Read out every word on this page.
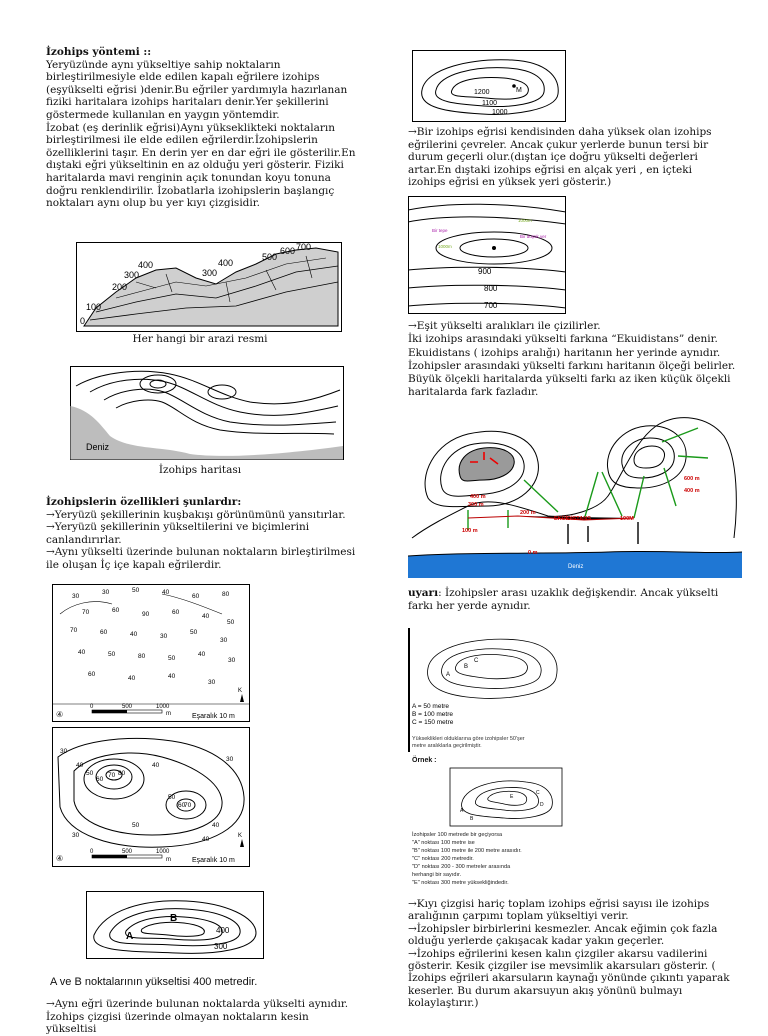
İzohips yöntemi ::

Yeryüzünde aynı yükseltiye sahip noktaların birleştirilmesiyle elde edilen kapalı eğrilere izohips (eşyükselti eğrisi )denir.Bu eğriler yardımıyla hazırlanan fiziki haritalara izohips haritaları denir.Yer şekillerini göstermede kullanılan en yaygın yöntemdir.

İzobat (eş derinlik eğrisi)Aynı yükseklikteki noktaların birleştirilmesi ile elde edilen eğrilerdir.İzohipslerin özelliklerini taşır. En derin yer en dar eğri ile gösterilir.En dıştaki eğri yükseltinin en az olduğu yeri gösterir. Fiziki haritalarda mavi renginin açık tonundan koyu tonuna doğru renklendirilir. İzobatlarla izohipslerin başlangıç noktaları aynı olup bu yer kıyı çizgisidir.

700
600
500
400
300
400
300
200
100
0
Her hangi bir arazi resmi
Deniz
İzohips haritası

İzohipslerin özellikleri şunlardır:

→Yeryüzü şekillerinin kuşbakışı görünümünü yansıtırlar.

→Yeryüzü şekillerinin yükseltilerini ve biçimlerini canlandırırlar.

→Aynı yükselti üzerinde bulunan noktaların birleştirilmesi ile oluşan İç içe kapalı eğrilerdir.

30
30	50	40
60	80
70	60
90	60
40
50
70	60	40	30
50
30
40	50	80	50
40
30
60
40	40
30
④
0	500	1000
m	Eşaralık 10 m
K
30
40
50
60
70 80
40
50
60
70
30
40
50
30
40
④
0	500	1000
m	Eşaralık 10 m
K
B
A
400
300
A ve B noktalarının yükseltisi 400 metredir.

→Aynı eğri üzerinde bulunan noktalarda yükselti aynıdır.

İzohips çizgisi üzerinde olmayan noktaların kesin yükseltisi

1200
1100
1000
M

→Bir izohips eğrisi kendisinden daha yüksek olan izohips eğrilerini çevreler. Ancak çukur yerlerde bunun tersi bir durum geçerli olur.(dıştan içe doğru yükselti değerleri artar.En dıştaki izohips eğrisi en alçak yeri , en içteki izohips eğrisi en yüksek yeri gösterir.)

1000m
Bir düşük yer
Bir tepe
1000m
900
800
700

→Eşit yükselti aralıkları ile çizilirler.

İki izohips arasındaki yükselti farkına “Ekuidistans” denir. Ekuidistans ( izohips aralığı) haritanın her yerinde aynıdır. İzohipsler arasındaki yükselti farkını haritanın ölçeği belirler. Büyük ölçekli haritalarda yükselti farkı az iken küçük ölçekli haritalarda fark fazladır.

400 m
300 m
200 m
100 m
600 m
400 m
EKÜİDİSTANS	100M
0 m
Deniz

uyarı: İzohipsler arası uzaklık değişkendir. Ancak yükselti farkı her yerde aynıdır.

A
B
C
A = 50 metre
B = 100 metre
C = 150 metre
Yükseklikleri olduklarına göre izohipsler 50'şer metre aralıklarla geçirilmiştir.
Örnek :
A
B
C
D
E
İzohipsler 100 metrede bir geçiyorsa
"A" noktası 100 metre ise
"B" noktası 100 metre ile 200 metre arasıdır.
"C" noktası 200 metredir.
"D" noktası 200 - 300 metreler arasında herhangi bir sayıdır.
"E" noktası 300 metre yüksekliğindedir.

→Kıyı çizgisi hariç toplam izohips eğrisi sayısı ile izohips aralığının çarpımı toplam yükseltiyi verir.

→İzohipsler birbirlerini kesmezler. Ancak eğimin çok fazla olduğu yerlerde çakışacak kadar yakın geçerler.

→İzohips eğrilerini kesen kalın çizgiler akarsu vadilerini gösterir. Kesik çizgiler ise mevsimlik akarsuları gösterir. ( İzohips eğrileri akarsuların kaynağı yönünde çıkıntı yaparak keserler. Bu durum akarsuyun akış yönünü bulmayı kolaylaştırır.)
